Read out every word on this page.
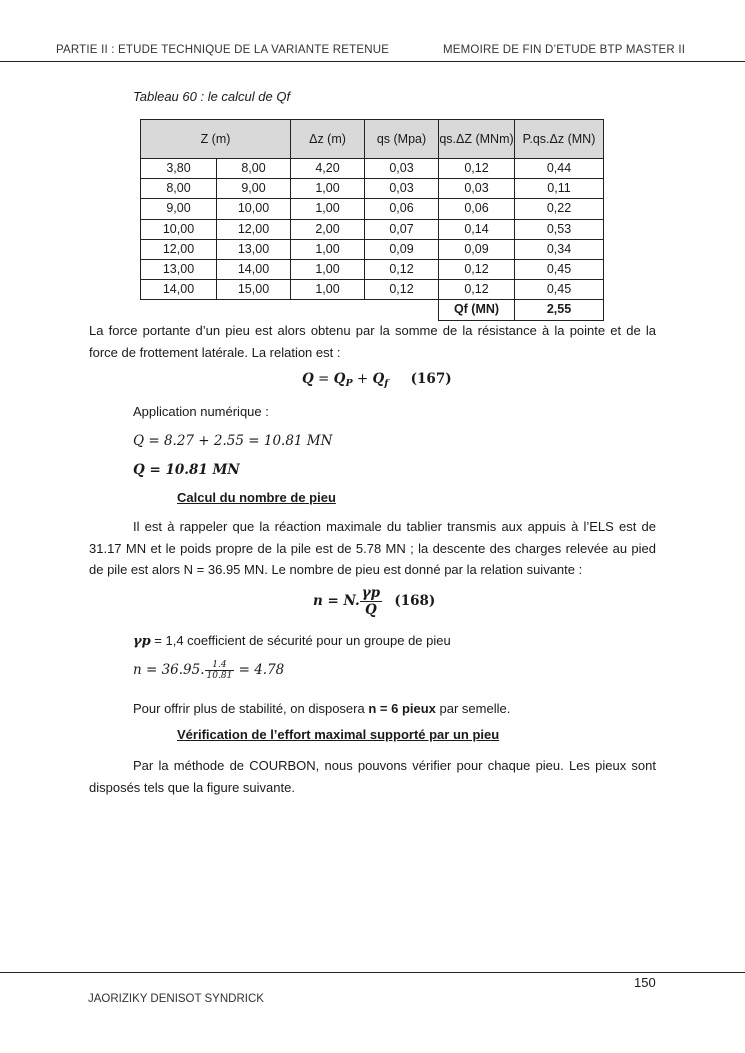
PARTIE II : ETUDE TECHNIQUE DE LA VARIANTE RETENUE	MEMOIRE DE FIN D’ETUDE BTP MASTER II
Tableau 60 : le calcul de Qf
Z (m)		Δz (m)	qs (Mpa)	qs.ΔZ (MNm)	P.qs.Δz (MN)
3,80	8,00	4,20	0,03	0,12	0,44
8,00	9,00	1,00	0,03	0,03	0,11
9,00	10,00	1,00	0,06	0,06	0,22
10,00	12,00	2,00	0,07	0,14	0,53
12,00	13,00	1,00	0,09	0,09	0,34
13,00	14,00	1,00	0,12	0,12	0,45
14,00	15,00	1,00	0,12	0,12	0,45
				Qf (MN)	2,55
La force portante d’un pieu est alors obtenu par la somme de la résistance à la pointe et de la force de frottement latérale. La relation est :
$Q = Q_P + Q_f$ (167)
Application numérique :
Q = 8.27 + 2.55 = 10.81 MN
Q = 10.81 MN
Calcul du nombre de pieu
Il est à rappeler que la réaction maximale du tablier transmis aux appuis à l’ELS est de 31.17 MN et le poids propre de la pile est de 5.78 MN ; la descente des charges relevée au pied de pile est alors N = 36.95 MN. Le nombre de pieu est donné par la relation suivante :
n = N. $\frac{\gamma p}{Q} (168)$
γp = 1,4 coefficient de sécurité pour un groupe de pieu
n = 36.95. $\frac{1.4}{10.81} = 4.78$
Pour offrir plus de stabilité, on disposera n = 6 pieux par semelle.
Vérification de l’effort maximal supporté par un pieu
Par la méthode de COURBON, nous pouvons vérifier pour chaque pieu. Les pieux sont disposés tels que la figure suivante.
150
JAORIZIKY DENISOT SYNDRICK
